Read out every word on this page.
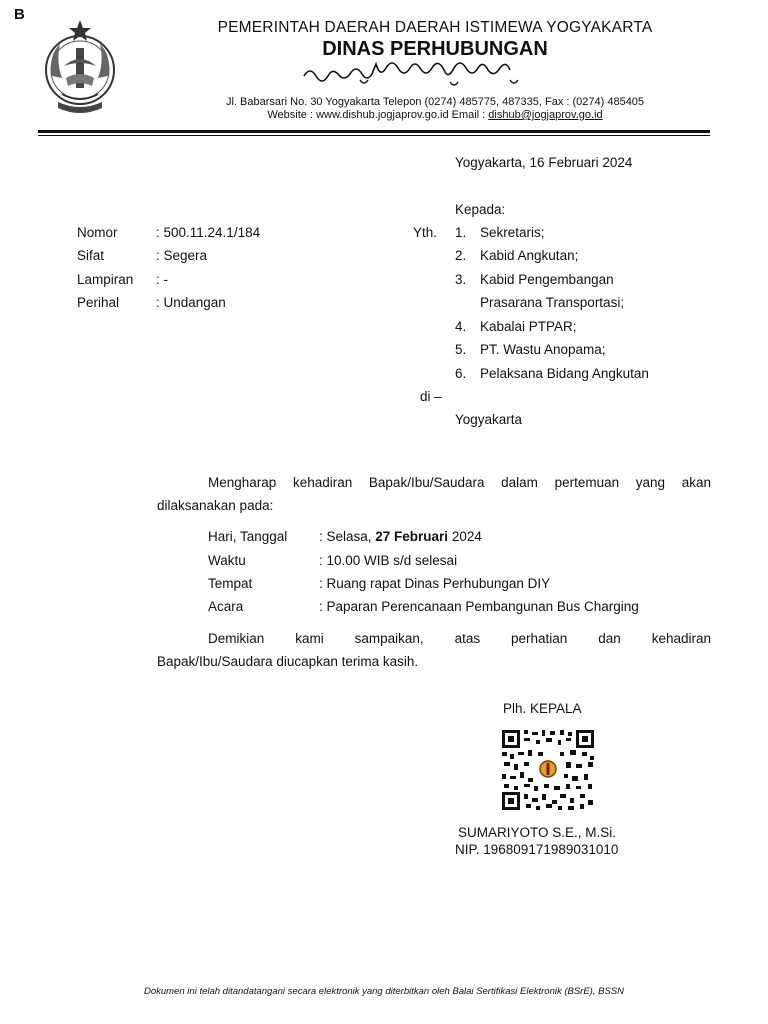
B
PEMERINTAH DAERAH DAERAH ISTIMEWA YOGYAKARTA
DINAS PERHUBUNGAN
Jl. Babarsari No. 30 Yogyakarta Telepon (0274) 485775, 487335, Fax : (0274) 485405
Website : www.dishub.jogjaprov.go.id Email : dishub@jogjaprov.go.id
Yogyakarta, 16 Februari 2024
Nomor	: 500.11.24.1/184
Sifat	: Segera
Lampiran : -
Perihal	: Undangan
Kepada:
Yth. 1. Sekretaris;
2. Kabid Angkutan;
3. Kabid Pengembangan
Prasarana Transportasi;
4. Kabalai PTPAR;
5. PT. Wastu Anopama;
6. Pelaksana Bidang Angkutan
di –
Yogyakarta
Mengharap kehadiran Bapak/Ibu/Saudara dalam pertemuan yang akan
dilaksanakan pada:
Hari, Tanggal : Selasa, 27 Februari 2024
Waktu	: 10.00 WIB s/d selesai
Tempat	: Ruang rapat Dinas Perhubungan DIY
Acara	: Paparan Perencanaan Pembangunan Bus Charging
Demikian kami sampaikan, atas perhatian dan kehadiran
Bapak/Ibu/Saudara diucapkan terima kasih.
Plh. KEPALA
SUMARIYOTO S.E., M.Si.
NIP. 196809171989031010
Dokumen ini telah ditandatangani secara elektronik yang diterbitkan oleh Balai Sertifikasi Elektronik (BSrE), BSSN
